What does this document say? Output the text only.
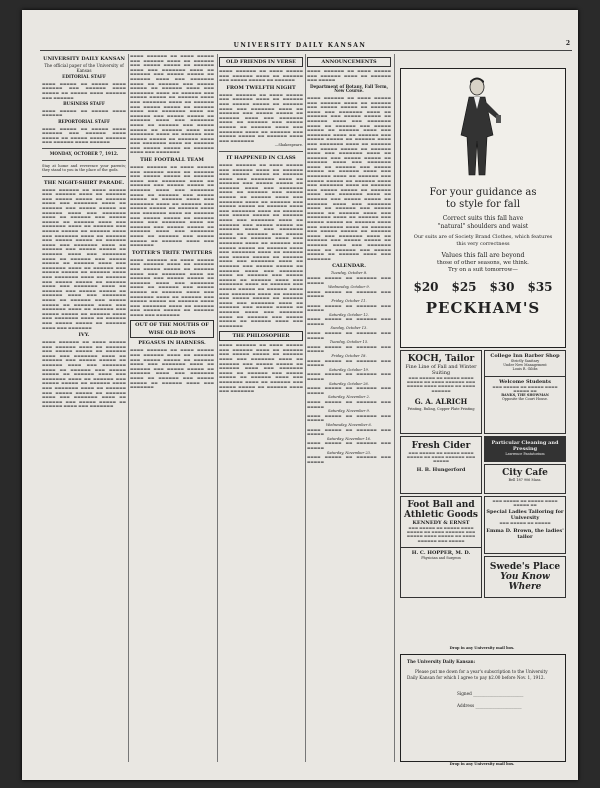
2
UNIVERSITY DAILY KANSAN
UNIVERSITY DAILY KANSAN
The official paper of the University of Kansas
EDITORIAL STAFF
▬▬▬▬ ▬▬▬▬▬ ▬▬ ▬▬▬▬▬ ▬▬▬▬ ▬▬▬▬▬▬ ▬▬▬ ▬▬▬▬▬▬ ▬▬▬▬ ▬▬▬▬▬ ▬▬ ▬▬▬▬▬ ▬▬▬▬ ▬▬▬▬▬▬ ▬▬▬ ▬▬▬▬▬▬
BUSINESS STAFF
▬▬▬▬ ▬▬▬▬▬ ▬▬ ▬▬▬▬▬ ▬▬▬▬ ▬▬▬▬▬▬
REPORTORIAL STAFF
▬▬▬▬ ▬▬▬▬▬ ▬▬ ▬▬▬▬▬ ▬▬▬▬ ▬▬▬▬▬▬ ▬▬▬ ▬▬▬▬▬▬ ▬▬▬▬ ▬▬▬▬▬ ▬▬ ▬▬▬▬▬ ▬▬▬▬ ▬▬▬▬▬▬ ▬▬▬ ▬▬▬▬▬▬ ▬▬▬▬ ▬▬▬▬▬▬
MONDAY, OCTOBER 7, 1912.
Stay at home and reverence your parents; they stand to you in the place of the gods.
THE NIGHT-SHIRT PARADE.
▬▬▬▬ ▬▬▬▬▬▬ ▬▬ ▬▬▬▬ ▬▬▬▬▬ ▬▬▬ ▬▬▬▬▬▬ ▬▬▬▬ ▬▬ ▬▬▬▬▬▬ ▬▬▬ ▬▬▬▬▬ ▬▬▬▬▬ ▬▬ ▬▬▬▬▬▬ ▬▬▬▬ ▬▬▬ ▬▬▬▬▬▬▬ ▬▬▬▬ ▬▬ ▬▬▬▬▬▬ ▬▬▬ ▬▬▬▬▬ ▬▬▬▬▬ ▬▬ ▬▬▬▬▬▬ ▬▬▬▬ ▬▬▬ ▬▬▬▬▬▬▬ ▬▬▬▬ ▬▬ ▬▬▬▬▬▬ ▬▬▬ ▬▬▬▬▬ ▬▬▬▬▬ ▬▬ ▬▬▬▬▬▬ ▬▬▬▬ ▬▬▬ ▬▬▬▬▬▬▬ ▬▬▬▬ ▬▬ ▬▬▬▬▬▬ ▬▬▬ ▬▬▬▬▬ ▬▬▬▬▬ ▬▬ ▬▬▬▬▬▬ ▬▬▬▬ ▬▬▬ ▬▬▬▬▬▬▬ ▬▬▬▬ ▬▬ ▬▬▬▬▬▬ ▬▬▬ ▬▬▬▬▬ ▬▬▬▬▬ ▬▬ ▬▬▬▬▬▬ ▬▬▬▬ ▬▬▬ ▬▬▬▬▬▬▬ ▬▬▬▬ ▬▬ ▬▬▬▬▬▬ ▬▬▬ ▬▬▬▬▬ ▬▬▬▬▬ ▬▬ ▬▬▬▬▬▬ ▬▬▬▬ ▬▬▬ ▬▬▬▬▬▬▬ ▬▬▬▬ ▬▬ ▬▬▬▬▬▬ ▬▬▬ ▬▬▬▬▬ ▬▬▬▬▬ ▬▬ ▬▬▬▬▬▬ ▬▬▬▬ ▬▬▬ ▬▬▬▬▬▬▬ ▬▬▬▬ ▬▬ ▬▬▬▬▬▬ ▬▬▬ ▬▬▬▬▬ ▬▬▬▬▬ ▬▬ ▬▬▬▬▬▬ ▬▬▬▬ ▬▬▬ ▬▬▬▬▬▬▬ ▬▬▬▬ ▬▬ ▬▬▬▬▬▬ ▬▬▬ ▬▬▬▬▬ ▬▬▬▬▬ ▬▬ ▬▬▬▬▬▬ ▬▬▬▬ ▬▬▬ ▬▬▬▬▬▬▬ ▬▬▬▬ ▬▬ ▬▬▬▬▬▬ ▬▬▬ ▬▬▬▬▬ ▬▬▬▬▬ ▬▬ ▬▬▬▬▬▬ ▬▬▬▬ ▬▬▬ ▬▬▬▬▬▬▬ ▬▬▬▬ ▬▬ ▬▬▬▬▬▬ ▬▬▬ ▬▬▬▬▬ ▬▬▬▬▬ ▬▬ ▬▬▬▬▬▬ ▬▬▬▬ ▬▬▬ ▬▬▬▬▬▬▬ ▬▬▬▬ ▬▬ ▬▬▬▬▬▬ ▬▬▬ ▬▬▬▬▬ ▬▬▬▬▬ ▬▬ ▬▬▬▬▬▬ ▬▬▬▬ ▬▬▬ ▬▬▬▬▬▬▬ ▬▬▬▬ ▬▬ ▬▬▬▬▬▬ ▬▬▬ ▬▬▬▬▬ ▬▬▬▬▬ ▬▬ ▬▬▬▬▬▬ ▬▬▬▬ ▬▬▬ ▬▬▬▬▬▬▬
IVY.
▬▬▬▬ ▬▬▬▬▬▬ ▬▬ ▬▬▬▬ ▬▬▬▬▬ ▬▬▬ ▬▬▬▬▬▬ ▬▬▬▬ ▬▬ ▬▬▬▬▬▬ ▬▬▬ ▬▬▬▬▬ ▬▬▬▬▬ ▬▬ ▬▬▬▬▬▬ ▬▬▬▬ ▬▬▬ ▬▬▬▬▬▬▬ ▬▬▬▬ ▬▬ ▬▬▬▬▬▬ ▬▬▬ ▬▬▬▬▬ ▬▬▬▬▬ ▬▬ ▬▬▬▬▬▬ ▬▬▬▬ ▬▬▬ ▬▬▬▬▬▬▬ ▬▬▬▬ ▬▬ ▬▬▬▬▬▬ ▬▬▬ ▬▬▬▬▬ ▬▬▬▬▬ ▬▬ ▬▬▬▬▬▬ ▬▬▬▬ ▬▬▬ ▬▬▬▬▬▬▬ ▬▬▬▬ ▬▬ ▬▬▬▬▬▬ ▬▬▬ ▬▬▬▬▬ ▬▬▬▬▬ ▬▬ ▬▬▬▬▬▬ ▬▬▬▬ ▬▬▬ ▬▬▬▬▬▬▬ ▬▬▬▬ ▬▬ ▬▬▬▬▬▬ ▬▬▬ ▬▬▬▬▬ ▬▬▬▬▬ ▬▬ ▬▬▬▬▬▬ ▬▬▬▬ ▬▬▬ ▬▬▬▬▬▬▬ ▬▬▬▬ ▬▬ ▬▬▬▬▬▬ ▬▬▬ ▬▬▬▬▬ ▬▬▬▬▬ ▬▬ ▬▬▬▬▬▬ ▬▬▬▬ ▬▬▬ ▬▬▬▬▬▬▬
▬▬▬▬ ▬▬▬▬▬▬ ▬▬ ▬▬▬▬ ▬▬▬▬▬ ▬▬▬ ▬▬▬▬▬▬ ▬▬▬▬ ▬▬ ▬▬▬▬▬▬ ▬▬▬ ▬▬▬▬▬ ▬▬▬▬▬ ▬▬ ▬▬▬▬▬▬ ▬▬▬▬ ▬▬▬ ▬▬▬▬▬▬▬ ▬▬▬▬ ▬▬ ▬▬▬▬▬▬ ▬▬▬ ▬▬▬▬▬ ▬▬▬▬▬ ▬▬ ▬▬▬▬▬▬ ▬▬▬▬ ▬▬▬ ▬▬▬▬▬▬▬ ▬▬▬▬ ▬▬ ▬▬▬▬▬▬ ▬▬▬ ▬▬▬▬▬ ▬▬▬▬▬ ▬▬ ▬▬▬▬▬▬ ▬▬▬▬ ▬▬▬ ▬▬▬▬▬▬▬ ▬▬▬▬ ▬▬ ▬▬▬▬▬▬ ▬▬▬ ▬▬▬▬▬ ▬▬▬▬▬ ▬▬ ▬▬▬▬▬▬ ▬▬▬▬ ▬▬▬ ▬▬▬▬▬▬▬ ▬▬▬▬ ▬▬ ▬▬▬▬▬▬ ▬▬▬ ▬▬▬▬▬ ▬▬▬▬▬ ▬▬ ▬▬▬▬▬▬ ▬▬▬▬ ▬▬▬ ▬▬▬▬▬▬▬ ▬▬▬▬ ▬▬ ▬▬▬▬▬▬ ▬▬▬ ▬▬▬▬▬ ▬▬▬▬▬ ▬▬ ▬▬▬▬▬▬ ▬▬▬▬ ▬▬▬ ▬▬▬▬▬▬▬ ▬▬▬▬ ▬▬ ▬▬▬▬▬▬ ▬▬▬ ▬▬▬▬▬ ▬▬▬▬▬ ▬▬ ▬▬▬▬▬▬ ▬▬▬▬ ▬▬▬ ▬▬▬▬▬▬▬ ▬▬▬▬ ▬▬ ▬▬▬▬▬▬ ▬▬▬ ▬▬▬▬▬ ▬▬▬▬▬ ▬▬ ▬▬▬▬▬▬ ▬▬▬▬ ▬▬▬ ▬▬▬▬▬▬▬ ▬▬▬▬ ▬▬ ▬▬▬▬▬▬ ▬▬▬ ▬▬▬▬▬ ▬▬▬▬▬ ▬▬ ▬▬▬▬▬▬ ▬▬▬▬ ▬▬▬ ▬▬▬▬▬▬▬
THE FOOTBALL TEAM
▬▬▬▬ ▬▬▬▬▬▬ ▬▬ ▬▬▬▬ ▬▬▬▬▬ ▬▬▬ ▬▬▬▬▬▬ ▬▬▬▬ ▬▬ ▬▬▬▬▬▬ ▬▬▬ ▬▬▬▬▬ ▬▬▬▬▬ ▬▬ ▬▬▬▬▬▬ ▬▬▬▬ ▬▬▬ ▬▬▬▬▬▬▬ ▬▬▬▬ ▬▬ ▬▬▬▬▬▬ ▬▬▬ ▬▬▬▬▬ ▬▬▬▬▬ ▬▬ ▬▬▬▬▬▬ ▬▬▬▬ ▬▬▬ ▬▬▬▬▬▬▬ ▬▬▬▬ ▬▬ ▬▬▬▬▬▬ ▬▬▬ ▬▬▬▬▬ ▬▬▬▬▬ ▬▬ ▬▬▬▬▬▬ ▬▬▬▬ ▬▬▬ ▬▬▬▬▬▬▬ ▬▬▬▬ ▬▬ ▬▬▬▬▬▬ ▬▬▬ ▬▬▬▬▬ ▬▬▬▬▬ ▬▬ ▬▬▬▬▬▬ ▬▬▬▬ ▬▬▬ ▬▬▬▬▬▬▬ ▬▬▬▬ ▬▬ ▬▬▬▬▬▬ ▬▬▬ ▬▬▬▬▬ ▬▬▬▬▬ ▬▬ ▬▬▬▬▬▬ ▬▬▬▬ ▬▬▬ ▬▬▬▬▬▬▬ ▬▬▬▬ ▬▬ ▬▬▬▬▬▬ ▬▬▬ ▬▬▬▬▬ ▬▬▬▬▬ ▬▬ ▬▬▬▬▬▬ ▬▬▬▬ ▬▬▬ ▬▬▬▬▬▬▬ ▬▬▬▬ ▬▬ ▬▬▬▬▬▬ ▬▬▬ ▬▬▬▬▬ ▬▬▬▬▬ ▬▬ ▬▬▬▬▬▬ ▬▬▬▬ ▬▬▬ ▬▬▬▬▬▬▬
TOTTER'S TRITE TWITTERS
▬▬▬▬ ▬▬▬▬▬▬ ▬▬ ▬▬▬▬ ▬▬▬▬▬ ▬▬▬ ▬▬▬▬▬▬ ▬▬▬▬ ▬▬ ▬▬▬▬▬▬ ▬▬▬ ▬▬▬▬▬ ▬▬▬▬▬ ▬▬ ▬▬▬▬▬▬ ▬▬▬▬ ▬▬▬ ▬▬▬▬▬▬▬ ▬▬▬▬ ▬▬ ▬▬▬▬▬▬ ▬▬▬ ▬▬▬▬▬ ▬▬▬▬▬ ▬▬ ▬▬▬▬▬▬ ▬▬▬▬ ▬▬▬ ▬▬▬▬▬▬▬ ▬▬▬▬ ▬▬ ▬▬▬▬▬▬ ▬▬▬ ▬▬▬▬▬ ▬▬▬▬▬ ▬▬ ▬▬▬▬▬▬ ▬▬▬▬ ▬▬▬ ▬▬▬▬▬▬▬ ▬▬▬▬ ▬▬ ▬▬▬▬▬▬ ▬▬▬ ▬▬▬▬▬ ▬▬▬▬▬ ▬▬ ▬▬▬▬▬▬ ▬▬▬▬ ▬▬▬ ▬▬▬▬▬▬▬ ▬▬▬▬ ▬▬ ▬▬▬▬▬▬ ▬▬▬ ▬▬▬▬▬ ▬▬▬▬▬ ▬▬ ▬▬▬▬▬▬ ▬▬▬▬ ▬▬▬ ▬▬▬▬▬▬▬
OUT OF THE MOUTHS OF WISE OLD BOYS
PEGASUS IN HARNESS.
▬▬▬▬ ▬▬▬▬▬▬ ▬▬ ▬▬▬▬ ▬▬▬▬▬ ▬▬▬ ▬▬▬▬▬▬ ▬▬▬▬ ▬▬ ▬▬▬▬▬▬ ▬▬▬ ▬▬▬▬▬ ▬▬▬▬▬ ▬▬ ▬▬▬▬▬▬ ▬▬▬▬ ▬▬▬ ▬▬▬▬▬▬▬ ▬▬▬▬ ▬▬ ▬▬▬▬▬▬ ▬▬▬ ▬▬▬▬▬ ▬▬▬▬▬ ▬▬ ▬▬▬▬▬▬ ▬▬▬▬ ▬▬▬ ▬▬▬▬▬▬▬ ▬▬▬▬ ▬▬ ▬▬▬▬▬▬ ▬▬▬ ▬▬▬▬▬ ▬▬▬▬▬ ▬▬ ▬▬▬▬▬▬ ▬▬▬▬ ▬▬▬ ▬▬▬▬▬▬▬
OLD FRIENDS IN VERSE
▬▬▬▬ ▬▬▬▬▬▬ ▬▬ ▬▬▬▬ ▬▬▬▬▬ ▬▬▬ ▬▬▬▬▬▬ ▬▬▬▬ ▬▬ ▬▬▬▬▬▬ ▬▬▬ ▬▬▬▬▬ ▬▬▬▬▬ ▬▬ ▬▬▬▬▬▬
FROM TWELFTH NIGHT
▬▬▬▬ ▬▬▬▬▬▬ ▬▬ ▬▬▬▬ ▬▬▬▬▬ ▬▬▬ ▬▬▬▬▬▬ ▬▬▬▬ ▬▬ ▬▬▬▬▬▬ ▬▬▬ ▬▬▬▬▬ ▬▬▬▬▬ ▬▬ ▬▬▬▬▬▬ ▬▬▬▬ ▬▬▬ ▬▬▬▬▬▬▬ ▬▬▬▬ ▬▬ ▬▬▬▬▬▬ ▬▬▬ ▬▬▬▬▬ ▬▬▬▬▬ ▬▬ ▬▬▬▬▬▬ ▬▬▬▬ ▬▬▬ ▬▬▬▬▬▬▬ ▬▬▬▬ ▬▬ ▬▬▬▬▬▬ ▬▬▬ ▬▬▬▬▬ ▬▬▬▬▬ ▬▬ ▬▬▬▬▬▬ ▬▬▬▬ ▬▬▬ ▬▬▬▬▬▬▬ ▬▬▬▬ ▬▬ ▬▬▬▬▬▬ ▬▬▬ ▬▬▬▬▬ ▬▬▬▬▬ ▬▬ ▬▬▬▬▬▬ ▬▬▬▬ ▬▬▬ ▬▬▬▬▬▬▬
—Shakespeare.
IT HAPPENED IN CLASS
▬▬▬▬ ▬▬▬▬▬▬ ▬▬ ▬▬▬▬ ▬▬▬▬▬ ▬▬▬ ▬▬▬▬▬▬ ▬▬▬▬ ▬▬ ▬▬▬▬▬▬ ▬▬▬ ▬▬▬▬▬ ▬▬▬▬▬ ▬▬ ▬▬▬▬▬▬ ▬▬▬▬ ▬▬▬ ▬▬▬▬▬▬▬ ▬▬▬▬ ▬▬ ▬▬▬▬▬▬ ▬▬▬ ▬▬▬▬▬ ▬▬▬▬▬ ▬▬ ▬▬▬▬▬▬ ▬▬▬▬ ▬▬▬ ▬▬▬▬▬▬▬ ▬▬▬▬ ▬▬ ▬▬▬▬▬▬ ▬▬▬ ▬▬▬▬▬ ▬▬▬▬▬ ▬▬ ▬▬▬▬▬▬ ▬▬▬▬ ▬▬▬ ▬▬▬▬▬▬▬ ▬▬▬▬ ▬▬ ▬▬▬▬▬▬ ▬▬▬ ▬▬▬▬▬ ▬▬▬▬▬ ▬▬ ▬▬▬▬▬▬ ▬▬▬▬ ▬▬▬ ▬▬▬▬▬▬▬ ▬▬▬▬ ▬▬ ▬▬▬▬▬▬ ▬▬▬ ▬▬▬▬▬ ▬▬▬▬▬ ▬▬ ▬▬▬▬▬▬ ▬▬▬▬ ▬▬▬ ▬▬▬▬▬▬▬ ▬▬▬▬ ▬▬ ▬▬▬▬▬▬ ▬▬▬ ▬▬▬▬▬ ▬▬▬▬▬ ▬▬ ▬▬▬▬▬▬ ▬▬▬▬ ▬▬▬ ▬▬▬▬▬▬▬ ▬▬▬▬ ▬▬ ▬▬▬▬▬▬ ▬▬▬ ▬▬▬▬▬ ▬▬▬▬▬ ▬▬ ▬▬▬▬▬▬ ▬▬▬▬ ▬▬▬ ▬▬▬▬▬▬▬ ▬▬▬▬ ▬▬ ▬▬▬▬▬▬ ▬▬▬ ▬▬▬▬▬ ▬▬▬▬▬ ▬▬ ▬▬▬▬▬▬ ▬▬▬▬ ▬▬▬ ▬▬▬▬▬▬▬ ▬▬▬▬ ▬▬ ▬▬▬▬▬▬ ▬▬▬ ▬▬▬▬▬ ▬▬▬▬▬ ▬▬ ▬▬▬▬▬▬ ▬▬▬▬ ▬▬▬ ▬▬▬▬▬▬▬ ▬▬▬▬ ▬▬ ▬▬▬▬▬▬ ▬▬▬ ▬▬▬▬▬ ▬▬▬▬▬ ▬▬ ▬▬▬▬▬▬ ▬▬▬▬ ▬▬▬ ▬▬▬▬▬▬▬ ▬▬▬▬ ▬▬ ▬▬▬▬▬▬ ▬▬▬ ▬▬▬▬▬ ▬▬▬▬▬ ▬▬ ▬▬▬▬▬▬ ▬▬▬▬ ▬▬▬ ▬▬▬▬▬▬▬ ▬▬▬▬ ▬▬ ▬▬▬▬▬▬ ▬▬▬ ▬▬▬▬▬ ▬▬▬▬▬ ▬▬ ▬▬▬▬▬▬ ▬▬▬▬ ▬▬▬ ▬▬▬▬▬▬▬ ▬▬▬▬ ▬▬ ▬▬▬▬▬▬ ▬▬▬ ▬▬▬▬▬ ▬▬▬▬▬ ▬▬ ▬▬▬▬▬▬ ▬▬▬▬ ▬▬▬ ▬▬▬▬▬▬▬ ▬▬▬▬ ▬▬ ▬▬▬▬▬▬ ▬▬▬ ▬▬▬▬▬ ▬▬▬▬▬ ▬▬ ▬▬▬▬▬▬ ▬▬▬▬ ▬▬▬ ▬▬▬▬▬▬▬ ▬▬▬▬ ▬▬ ▬▬▬▬▬▬ ▬▬▬ ▬▬▬▬▬ ▬▬▬▬▬ ▬▬ ▬▬▬▬▬▬ ▬▬▬▬ ▬▬▬ ▬▬▬▬▬▬▬
THE PHILOSOPHER
▬▬▬▬ ▬▬▬▬▬▬ ▬▬ ▬▬▬▬ ▬▬▬▬▬ ▬▬▬ ▬▬▬▬▬▬ ▬▬▬▬ ▬▬ ▬▬▬▬▬▬ ▬▬▬ ▬▬▬▬▬ ▬▬▬▬▬ ▬▬ ▬▬▬▬▬▬ ▬▬▬▬ ▬▬▬ ▬▬▬▬▬▬▬ ▬▬▬▬ ▬▬ ▬▬▬▬▬▬ ▬▬▬ ▬▬▬▬▬ ▬▬▬▬▬ ▬▬ ▬▬▬▬▬▬ ▬▬▬▬ ▬▬▬ ▬▬▬▬▬▬▬ ▬▬▬▬ ▬▬ ▬▬▬▬▬▬ ▬▬▬ ▬▬▬▬▬ ▬▬▬▬▬ ▬▬ ▬▬▬▬▬▬ ▬▬▬▬ ▬▬▬ ▬▬▬▬▬▬▬ ▬▬▬▬ ▬▬ ▬▬▬▬▬▬ ▬▬▬ ▬▬▬▬▬ ▬▬▬▬▬ ▬▬ ▬▬▬▬▬▬ ▬▬▬▬ ▬▬▬ ▬▬▬▬▬▬▬
ANNOUNCEMENTS
▬▬▬▬ ▬▬▬▬▬▬ ▬▬ ▬▬▬▬ ▬▬▬▬▬ ▬▬▬ ▬▬▬▬▬▬ ▬▬▬▬ ▬▬ ▬▬▬▬▬▬ ▬▬▬ ▬▬▬▬▬
Department of Botany, Fall Term, New Course.
▬▬▬▬ ▬▬▬▬▬▬ ▬▬ ▬▬▬▬ ▬▬▬▬▬ ▬▬▬ ▬▬▬▬▬▬ ▬▬▬▬ ▬▬ ▬▬▬▬▬▬ ▬▬▬ ▬▬▬▬▬ ▬▬▬▬▬ ▬▬ ▬▬▬▬▬▬ ▬▬▬▬ ▬▬▬ ▬▬▬▬▬▬▬ ▬▬▬▬ ▬▬ ▬▬▬▬▬▬ ▬▬▬ ▬▬▬▬▬ ▬▬▬▬▬ ▬▬ ▬▬▬▬▬▬ ▬▬▬▬ ▬▬▬ ▬▬▬▬▬▬▬ ▬▬▬▬ ▬▬ ▬▬▬▬▬▬ ▬▬▬ ▬▬▬▬▬ ▬▬▬▬▬ ▬▬ ▬▬▬▬▬▬ ▬▬▬▬ ▬▬▬ ▬▬▬▬▬▬▬ ▬▬▬▬ ▬▬ ▬▬▬▬▬▬ ▬▬▬ ▬▬▬▬▬ ▬▬▬▬▬ ▬▬ ▬▬▬▬▬▬ ▬▬▬▬ ▬▬▬ ▬▬▬▬▬▬▬ ▬▬▬▬ ▬▬ ▬▬▬▬▬▬ ▬▬▬ ▬▬▬▬▬ ▬▬▬▬▬ ▬▬ ▬▬▬▬▬▬ ▬▬▬▬ ▬▬▬ ▬▬▬▬▬▬▬ ▬▬▬▬ ▬▬ ▬▬▬▬▬▬ ▬▬▬ ▬▬▬▬▬ ▬▬▬▬▬ ▬▬ ▬▬▬▬▬▬ ▬▬▬▬ ▬▬▬ ▬▬▬▬▬▬▬ ▬▬▬▬ ▬▬ ▬▬▬▬▬▬ ▬▬▬ ▬▬▬▬▬ ▬▬▬▬▬ ▬▬ ▬▬▬▬▬▬ ▬▬▬▬ ▬▬▬ ▬▬▬▬▬▬▬ ▬▬▬▬ ▬▬ ▬▬▬▬▬▬ ▬▬▬ ▬▬▬▬▬ ▬▬▬▬▬ ▬▬ ▬▬▬▬▬▬ ▬▬▬▬ ▬▬▬ ▬▬▬▬▬▬▬ ▬▬▬▬ ▬▬ ▬▬▬▬▬▬ ▬▬▬ ▬▬▬▬▬ ▬▬▬▬▬ ▬▬ ▬▬▬▬▬▬ ▬▬▬▬ ▬▬▬ ▬▬▬▬▬▬▬ ▬▬▬▬ ▬▬ ▬▬▬▬▬▬ ▬▬▬ ▬▬▬▬▬ ▬▬▬▬▬ ▬▬ ▬▬▬▬▬▬ ▬▬▬▬ ▬▬▬ ▬▬▬▬▬▬▬ ▬▬▬▬ ▬▬ ▬▬▬▬▬▬ ▬▬▬ ▬▬▬▬▬ ▬▬▬▬▬ ▬▬ ▬▬▬▬▬▬ ▬▬▬▬ ▬▬▬ ▬▬▬▬▬▬▬ ▬▬▬▬ ▬▬ ▬▬▬▬▬▬ ▬▬▬ ▬▬▬▬▬ ▬▬▬▬▬ ▬▬ ▬▬▬▬▬▬ ▬▬▬▬ ▬▬▬ ▬▬▬▬▬▬▬ ▬▬▬▬ ▬▬ ▬▬▬▬▬▬ ▬▬▬ ▬▬▬▬▬ ▬▬▬▬▬ ▬▬ ▬▬▬▬▬▬ ▬▬▬▬ ▬▬▬ ▬▬▬▬▬▬▬ ▬▬▬▬ ▬▬ ▬▬▬▬▬▬ ▬▬▬ ▬▬▬▬▬ ▬▬▬▬▬ ▬▬ ▬▬▬▬▬▬ ▬▬▬▬ ▬▬▬ ▬▬▬▬▬▬▬ ▬▬▬▬ ▬▬ ▬▬▬▬▬▬ ▬▬▬ ▬▬▬▬▬ ▬▬▬▬▬ ▬▬ ▬▬▬▬▬▬ ▬▬▬▬ ▬▬▬ ▬▬▬▬▬▬▬
CALENDAR.
Tuesday, October 8.
▬▬▬▬ ▬▬▬▬▬ ▬▬ ▬▬▬▬▬▬ ▬▬▬ ▬▬▬▬▬
Wednesday, October 9.
▬▬▬▬ ▬▬▬▬▬ ▬▬ ▬▬▬▬▬▬ ▬▬▬ ▬▬▬▬▬
Friday, October 11.
▬▬▬▬ ▬▬▬▬▬ ▬▬ ▬▬▬▬▬▬ ▬▬▬ ▬▬▬▬▬
Saturday, October 12.
▬▬▬▬ ▬▬▬▬▬ ▬▬ ▬▬▬▬▬▬ ▬▬▬ ▬▬▬▬▬
Sunday, October 13.
▬▬▬▬ ▬▬▬▬▬ ▬▬ ▬▬▬▬▬▬ ▬▬▬ ▬▬▬▬▬
Tuesday, October 15.
▬▬▬▬ ▬▬▬▬▬ ▬▬ ▬▬▬▬▬▬ ▬▬▬ ▬▬▬▬▬
Friday, October 18.
▬▬▬▬ ▬▬▬▬▬ ▬▬ ▬▬▬▬▬▬ ▬▬▬ ▬▬▬▬▬
Saturday, October 19.
▬▬▬▬ ▬▬▬▬▬ ▬▬ ▬▬▬▬▬▬ ▬▬▬ ▬▬▬▬▬
Saturday, October 26.
▬▬▬▬ ▬▬▬▬▬ ▬▬ ▬▬▬▬▬▬ ▬▬▬ ▬▬▬▬▬
Saturday, November 2.
▬▬▬▬ ▬▬▬▬▬ ▬▬ ▬▬▬▬▬▬ ▬▬▬ ▬▬▬▬▬
Saturday, November 9.
▬▬▬▬ ▬▬▬▬▬ ▬▬ ▬▬▬▬▬▬ ▬▬▬ ▬▬▬▬▬
Wednesday, November 6.
▬▬▬▬ ▬▬▬▬▬ ▬▬ ▬▬▬▬▬▬ ▬▬▬ ▬▬▬▬▬
Saturday, November 16.
▬▬▬▬ ▬▬▬▬▬ ▬▬ ▬▬▬▬▬▬ ▬▬▬ ▬▬▬▬▬
Saturday, November 23.
▬▬▬▬ ▬▬▬▬▬ ▬▬ ▬▬▬▬▬▬ ▬▬▬ ▬▬▬▬▬
For your guidance as
to style for fall
Correct suits this fall have
"natural" shoulders and waist
Our suits are of Society Brand Clothes, which features
this very correctness
Values this fall are beyond
those of other seasons, we think.
Try on a suit tomorrow—
$20 $25 $30 $35
PECKHAM'S
KOCH, Tailor
Fine Line of Fall and Winter Suiting
▬▬▬ ▬▬▬▬▬ ▬▬ ▬▬▬▬▬ ▬▬▬▬ ▬▬▬▬▬ ▬▬ ▬▬▬▬ ▬▬▬▬▬▬ ▬▬▬ ▬▬▬▬▬ ▬▬▬▬ ▬▬▬▬▬ ▬▬ ▬▬▬▬ ▬▬▬▬▬▬
G. A. ALRICH
Printing, Ruling, Copper Plate Printing
College Inn Barber Shop
Strictly Sanitary
Under New Management
Louis R. Gibbs
Welcome Students
▬▬▬ ▬▬▬▬▬ ▬▬ ▬▬▬▬▬ ▬▬▬▬ ▬▬▬▬▬ ▬▬
BANKS, THE SHOWMAN
Opposite the Court House.
Fresh Cider
▬▬▬ ▬▬▬▬▬ ▬▬ ▬▬▬▬▬ ▬▬▬▬ ▬▬▬▬▬ ▬▬ ▬▬▬▬ ▬▬▬▬▬▬ ▬▬▬ ▬▬▬▬▬
H. B. Hungerford
Particular Cleaning and Pressing
Lawrence Pantatorium
City Cafe
Bell 187 906 Mass.
Foot Ball and Athletic Goods
KENNEDY & ERNST
▬▬▬ ▬▬▬▬▬ ▬▬ ▬▬▬▬▬ ▬▬▬▬ ▬▬▬▬▬ ▬▬ ▬▬▬▬ ▬▬▬▬▬▬ ▬▬▬ ▬▬▬▬▬ ▬▬▬▬ ▬▬▬▬▬ ▬▬ ▬▬▬▬ ▬▬▬▬▬▬ ▬▬▬ ▬▬▬▬▬
H. C. HOPPER, M. D.
Physician and Surgeon
▬▬▬ ▬▬▬▬▬ ▬▬ ▬▬▬▬▬ ▬▬▬▬ ▬▬▬▬▬ ▬▬
Special Ladies Tailoring for University
▬▬▬ ▬▬▬▬▬ ▬▬ ▬▬▬▬▬
Emma D. Brown, the ladies' tailor
Swede's Place
You Know Where
Drop in any University mail box.
The University Daily Kansan:
Please put me down for a year's subscription to the University Daily Kansan for which I agree to pay $2.00 before Nov. 1, 1912.
Signed ________________________
Address ______________________
Drop in any University mail box.
